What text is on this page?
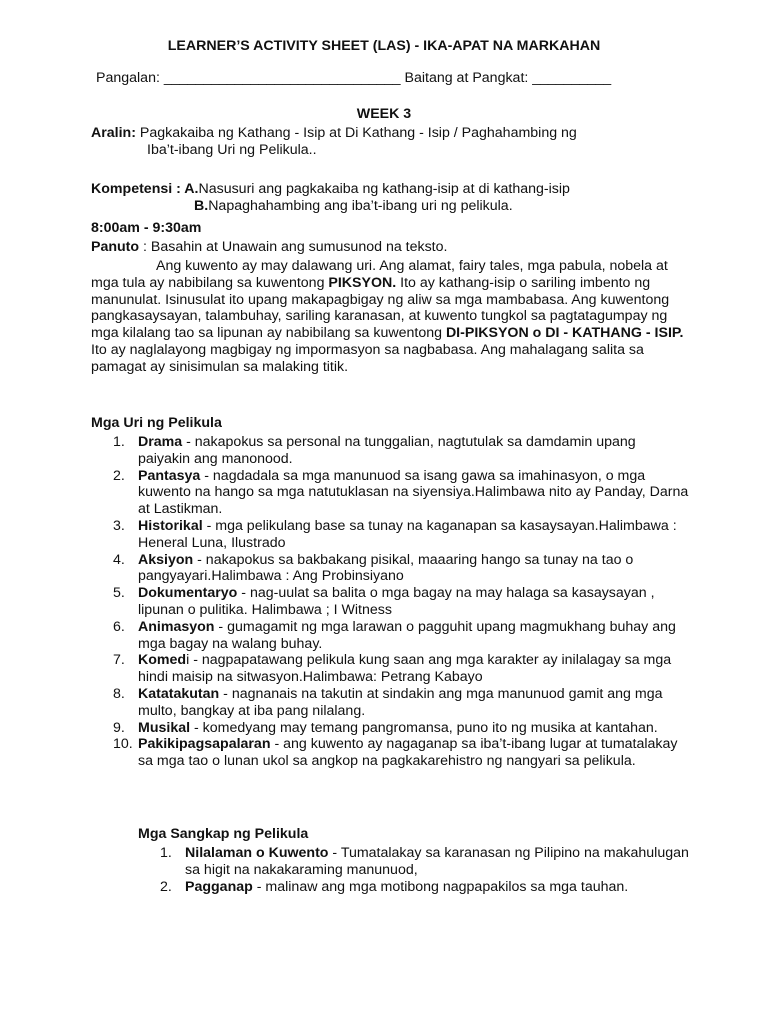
LEARNER’S ACTIVITY SHEET (LAS) - IKA-APAT NA MARKAHAN
Pangalan: ______________________________ Baitang at Pangkat: __________
WEEK 3

Aralin: Pagkakaiba ng Kathang - Isip at Di Kathang - Isip / Paghahambing ng

Iba’t-ibang Uri ng Pelikula..

Kompetensi : A.Nasusuri ang pagkakaiba ng kathang-isip at di kathang-isip

B.Napaghahambing ang iba’t-ibang uri ng pelikula.

8:00am - 9:30am
Panuto : Basahin at Unawain ang sumusunod na teksto.

Ang kuwento ay may dalawang uri. Ang alamat, fairy tales, mga pabula, nobela at mga tula ay nabibilang sa kuwentong PIKSYON. Ito ay kathang-isip o sariling imbento ng manunulat. Isinusulat ito upang makapagbigay ng aliw sa mga mambabasa. Ang kuwentong pangkasaysayan, talambuhay, sariling karanasan, at kuwento tungkol sa pagtatagumpay ng mga kilalang tao sa lipunan ay nabibilang sa kuwentong DI-PIKSYON o DI - KATHANG - ISIP. Ito ay naglalayong magbigay ng impormasyon sa nagbabasa. Ang mahalagang salita sa pamagat ay sinisimulan sa malaking titik.

Mga Uri ng Pelikula
1. Drama - nakapokus sa personal na tunggalian, nagtutulak sa damdamin upang paiyakin ang manonood.
2. Pantasya - nagdadala sa mga manunuod sa isang gawa sa imahinasyon, o mga kuwento na hango sa mga natutuklasan na siyensiya.Halimbawa nito ay Panday, Darna at Lastikman.
3. Historikal - mga pelikulang base sa tunay na kaganapan sa kasaysayan.Halimbawa : Heneral Luna, Ilustrado
4. Aksiyon - nakapokus sa bakbakang pisikal, maaaring hango sa tunay na tao o pangyayari.Halimbawa : Ang Probinsiyano
5. Dokumentaryo - nag-uulat sa balita o mga bagay na may halaga sa kasaysayan , lipunan o pulitika. Halimbawa ; I Witness
6. Animasyon - gumagamit ng mga larawan o pagguhit upang magmukhang buhay ang mga bagay na walang buhay.
7. Komedi - nagpapatawang pelikula kung saan ang mga karakter ay inilalagay sa mga hindi maisip na sitwasyon.Halimbawa: Petrang Kabayo
8. Katatakutan - nagnanais na takutin at sindakin ang mga manunuod gamit ang mga multo, bangkay at iba pang nilalang.
9. Musikal - komedyang may temang pangromansa, puno ito ng musika at kantahan.
10. Pakikipagsapalaran - ang kuwento ay nagaganap sa iba’t-ibang lugar at tumatalakay sa mga tao o lunan ukol sa angkop na pagkakarehistro ng nangyari sa pelikula.
Mga Sangkap ng Pelikula
1. Nilalaman o Kuwento - Tumatalakay sa karanasan ng Pilipino na makahulugan sa higit na nakakaraming manunuod,
2. Pagganap - malinaw ang mga motibong nagpapakilos sa mga tauhan.
